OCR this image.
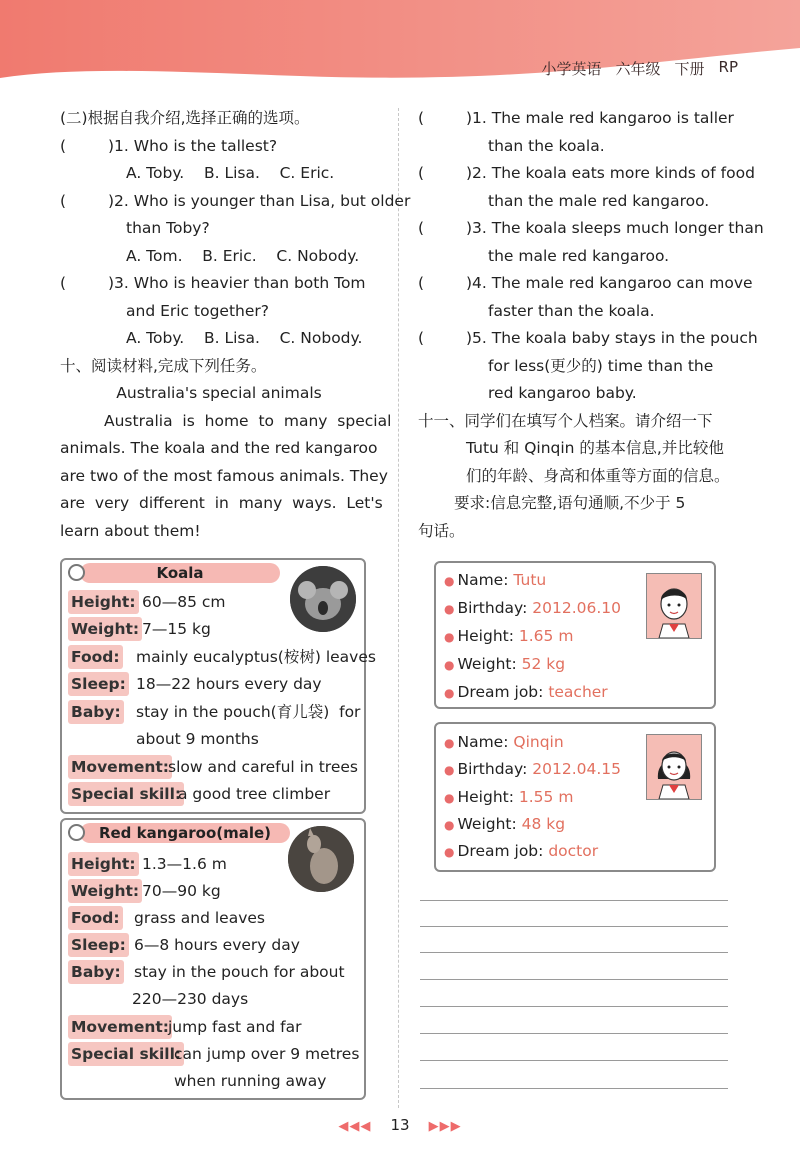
小学英语 六年级 下册 RP
(二)根据自我介绍,选择正确的选项。
(	)1. Who is the tallest?
A. Toby. B. Lisa. C. Eric.
(	)2. Who is younger than Lisa, but older
than Toby?
A. Tom. B. Eric. C. Nobody.
(	)3. Who is heavier than both Tom
and Eric together?
A. Toby. B. Lisa. C. Nobody.
十、阅读材料,完成下列任务。
Australia's special animals
Australia  is  home  to  many  special
animals. The koala and the red kangaroo
are two of the most famous animals. They
are  very  different  in  many  ways.  Let's
learn about them!
Koala
Height: 60—85 cm
Weight: 7—15 kg
Food: mainly eucalyptus(桉树) leaves
Sleep: 18—22 hours every day
Baby: stay in the pouch(育儿袋)  for
about 9 months
Movement: slow and careful in trees
Special skill:
a good tree climber
Red kangaroo(male)
Height: 1.3—1.6 m
Weight: 70—90 kg
Food: grass and leaves
Sleep: 6—8 hours every day
Baby: stay in the pouch for about
220—230 days
Movement: jump fast and far
Special skill:
can jump over 9 metres
when running away
(	)1. The male red kangaroo is taller
than the koala.
(	)2. The koala eats more kinds of food
than the male red kangaroo.
(	)3. The koala sleeps much longer than
the male red kangaroo.
(	)4. The male red kangaroo can move
faster than the koala.
(	)5. The koala baby stays in the pouch
for less(更少的) time than the
red kangaroo baby.
十一、同学们在填写个人档案。请介绍一下
Tutu 和 Qinqin 的基本信息,并比较他
们的年龄、身高和体重等方面的信息。
要求:信息完整,语句通顺,不少于 5
句话。
● Name: Tutu
● Birthday: 2012.06.10
● Height: 1.65 m
● Weight: 52 kg
● Dream job: teacher
● Name: Qinqin
● Birthday: 2012.04.15
● Height: 1.55 m
● Weight: 48 kg
● Dream job: doctor
◀◀◀ 13 ▶▶▶
